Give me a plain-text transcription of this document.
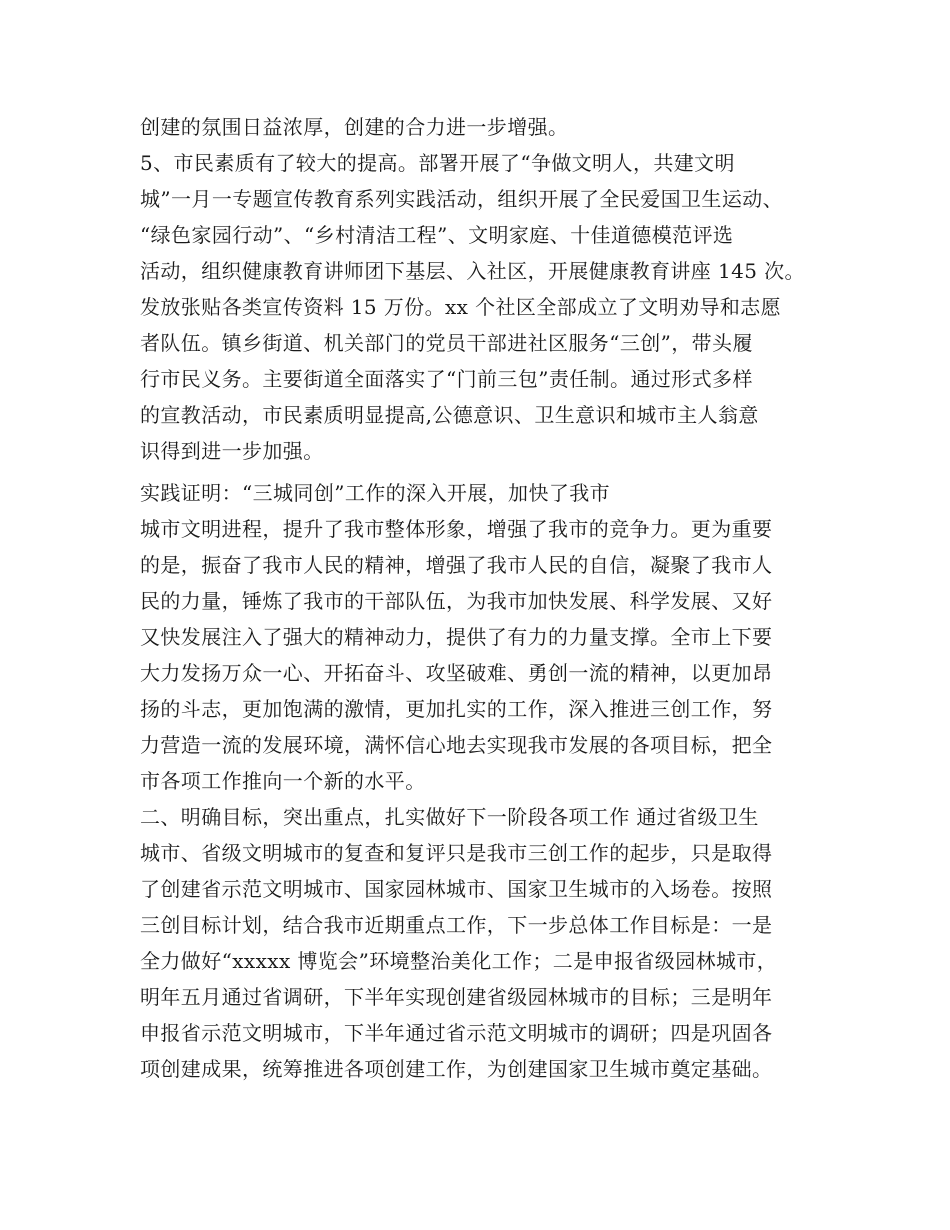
创建的氛围日益浓厚，创建的合力进一步增强。
5、市民素质有了较大的提高。部署开展了“争做文明人，共建文明
城”一月一专题宣传教育系列实践活动，组织开展了全民爱国卫生运动、
“绿色家园行动”、“乡村清洁工程”、文明家庭、十佳道德模范评选
活动，组织健康教育讲师团下基层、入社区，开展健康教育讲座 145 次。
发放张贴各类宣传资料 15 万份。xx 个社区全部成立了文明劝导和志愿
者队伍。镇乡街道、机关部门的党员干部进社区服务“三创”，带头履
行市民义务。主要街道全面落实了“门前三包”责任制。通过形式多样
的宣教活动，市民素质明显提高,公德意识、卫生意识和城市主人翁意
识得到进一步加强。
实践证明：“三城同创”工作的深入开展，加快了我市
城市文明进程，提升了我市整体形象，增强了我市的竞争力。更为重要
的是，振奋了我市人民的精神，增强了我市人民的自信，凝聚了我市人
民的力量，锤炼了我市的干部队伍，为我市加快发展、科学发展、又好
又快发展注入了强大的精神动力，提供了有力的力量支撑。全市上下要
大力发扬万众一心、开拓奋斗、攻坚破难、勇创一流的精神，以更加昂
扬的斗志，更加饱满的激情，更加扎实的工作，深入推进三创工作，努
力营造一流的发展环境，满怀信心地去实现我市发展的各项目标，把全
市各项工作推向一个新的水平。
二、明确目标，突出重点，扎实做好下一阶段各项工作 通过省级卫生
城市、省级文明城市的复查和复评只是我市三创工作的起步，只是取得
了创建省示范文明城市、国家园林城市、国家卫生城市的入场卷。按照
三创目标计划，结合我市近期重点工作，下一步总体工作目标是：一是
全力做好“xxxxx 博览会”环境整治美化工作；二是申报省级园林城市，
明年五月通过省调研，下半年实现创建省级园林城市的目标；三是明年
申报省示范文明城市，下半年通过省示范文明城市的调研；四是巩固各
项创建成果，统筹推进各项创建工作，为创建国家卫生城市奠定基础。
